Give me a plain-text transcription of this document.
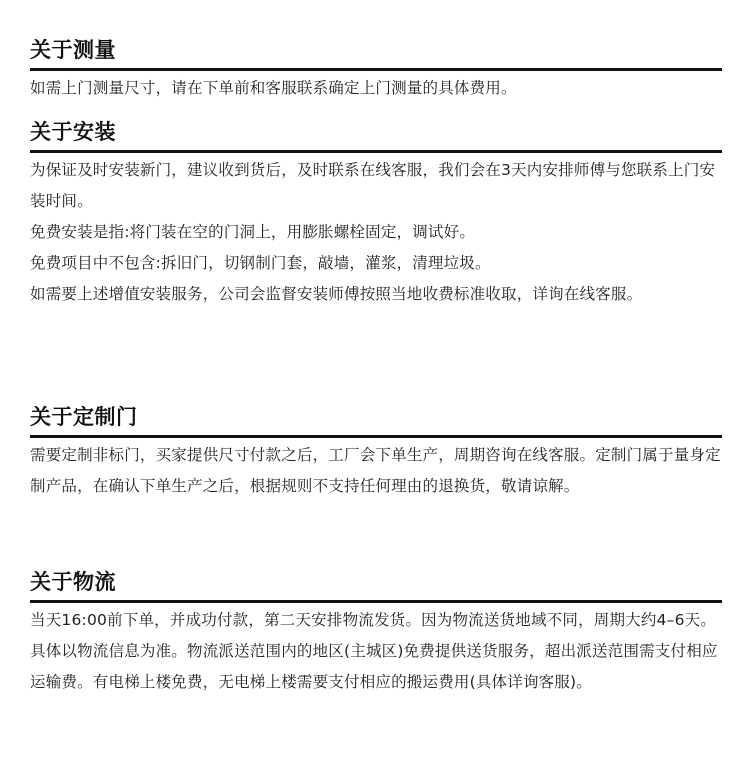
关于测量
如需上门测量尺寸，请在下单前和客服联系确定上门测量的具体费用。
关于安装
为保证及时安装新门，建议收到货后，及时联系在线客服，我们会在3天内安排师傅与您联系上门安装时间。
免费安装是指:将门装在空的门洞上，用膨胀螺栓固定，调试好。
免费项目中不包含:拆旧门，切钢制门套，敲墙，灌浆，清理垃圾。
如需要上述增值安装服务，公司会监督安装师傅按照当地收费标准收取，详询在线客服。
关于定制门
需要定制非标门，买家提供尺寸付款之后，工厂会下单生产，周期咨询在线客服。定制门属于量身定制产品，在确认下单生产之后，根据规则不支持任何理由的退换货，敬请谅解。
关于物流
当天16:00前下单，并成功付款，第二天安排物流发货。因为物流送货地域不同，周期大约4–6天。具体以物流信息为准。物流派送范围内的地区(主城区)免费提供送货服务，超出派送范围需支付相应运输费。有电梯上楼免费，无电梯上楼需要支付相应的搬运费用(具体详询客服)。
